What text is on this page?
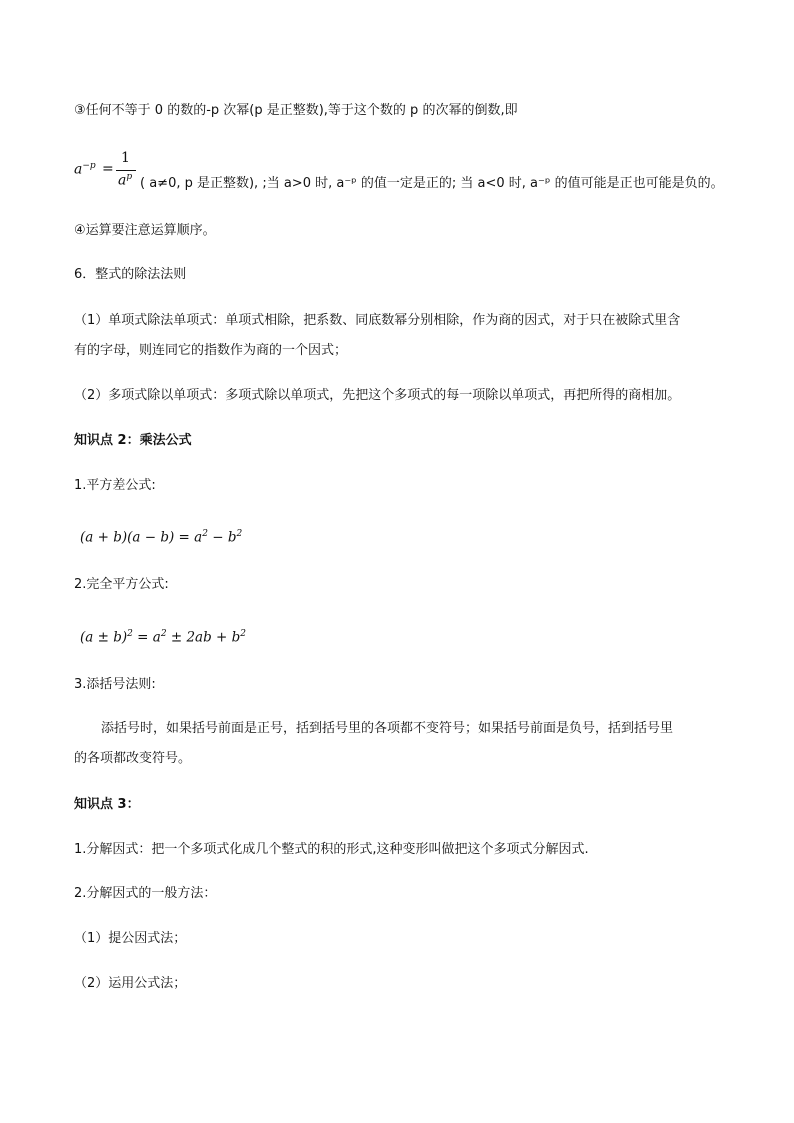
③任何不等于 0 的数的-p 次幂(p 是正整数),等于这个数的 p 的次幂的倒数,即
$a^{-p}$ =
1
$a^p$ ( a≠0, p 是正整数), ;当 a>0 时, a⁻ᵖ 的值一定是正的; 当 a<0 时, a⁻ᵖ 的值可能是正也可能是负的。
④运算要注意运算顺序。
6．整式的除法法则
（1）单项式除法单项式：单项式相除，把系数、同底数幂分别相除，作为商的因式，对于只在被除式里含
有的字母，则连同它的指数作为商的一个因式；
（2）多项式除以单项式：多项式除以单项式，先把这个多项式的每一项除以单项式，再把所得的商相加。
知识点 2：乘法公式
1.平方差公式:
$(a + b)(a - b) = a^2 - b^2$
2.完全平方公式:
$(a \pm b)^2 = a^2 \pm 2ab + b^2$
3.添括号法则:
添括号时，如果括号前面是正号，括到括号里的各项都不变符号；如果括号前面是负号，括到括号里
的各项都改变符号。
知识点 3：
1.分解因式：把一个多项式化成几个整式的积的形式,这种变形叫做把这个多项式分解因式.
2.分解因式的一般方法：
（1）提公因式法；
（2）运用公式法；
